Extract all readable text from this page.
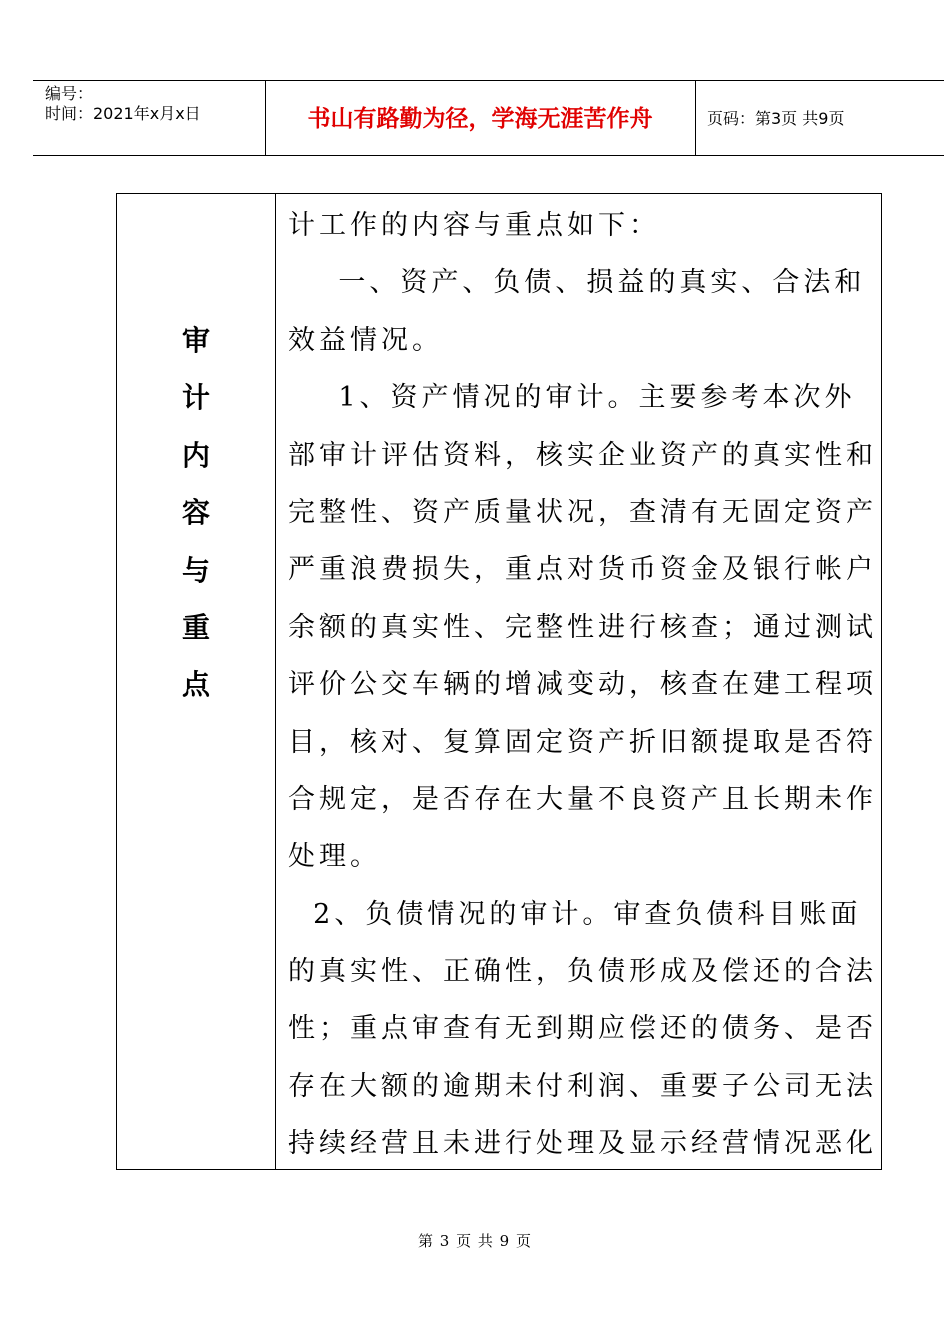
编号：
时间：2021年x月x日	书山有路勤为径，学海无涯苦作舟	页码：第3页 共9页
审
计
内
容
与
重
点
计工作的内容与重点如下：
一、资产、负债、损益的真实、合法和
效益情况。
1、资产情况的审计。主要参考本次外
部审计评估资料，核实企业资产的真实性和
完整性、资产质量状况，查清有无固定资产
严重浪费损失，重点对货币资金及银行帐户
余额的真实性、完整性进行核查；通过测试
评价公交车辆的增减变动，核查在建工程项
目，核对、复算固定资产折旧额提取是否符
合规定，是否存在大量不良资产且长期未作
处理。
2、负债情况的审计。审查负债科目账面
的真实性、正确性，负债形成及偿还的合法
性；重点审查有无到期应偿还的债务、是否
存在大额的逾期未付利润、重要子公司无法
持续经营且未进行处理及显示经营情况恶化
第 3 页 共 9 页
